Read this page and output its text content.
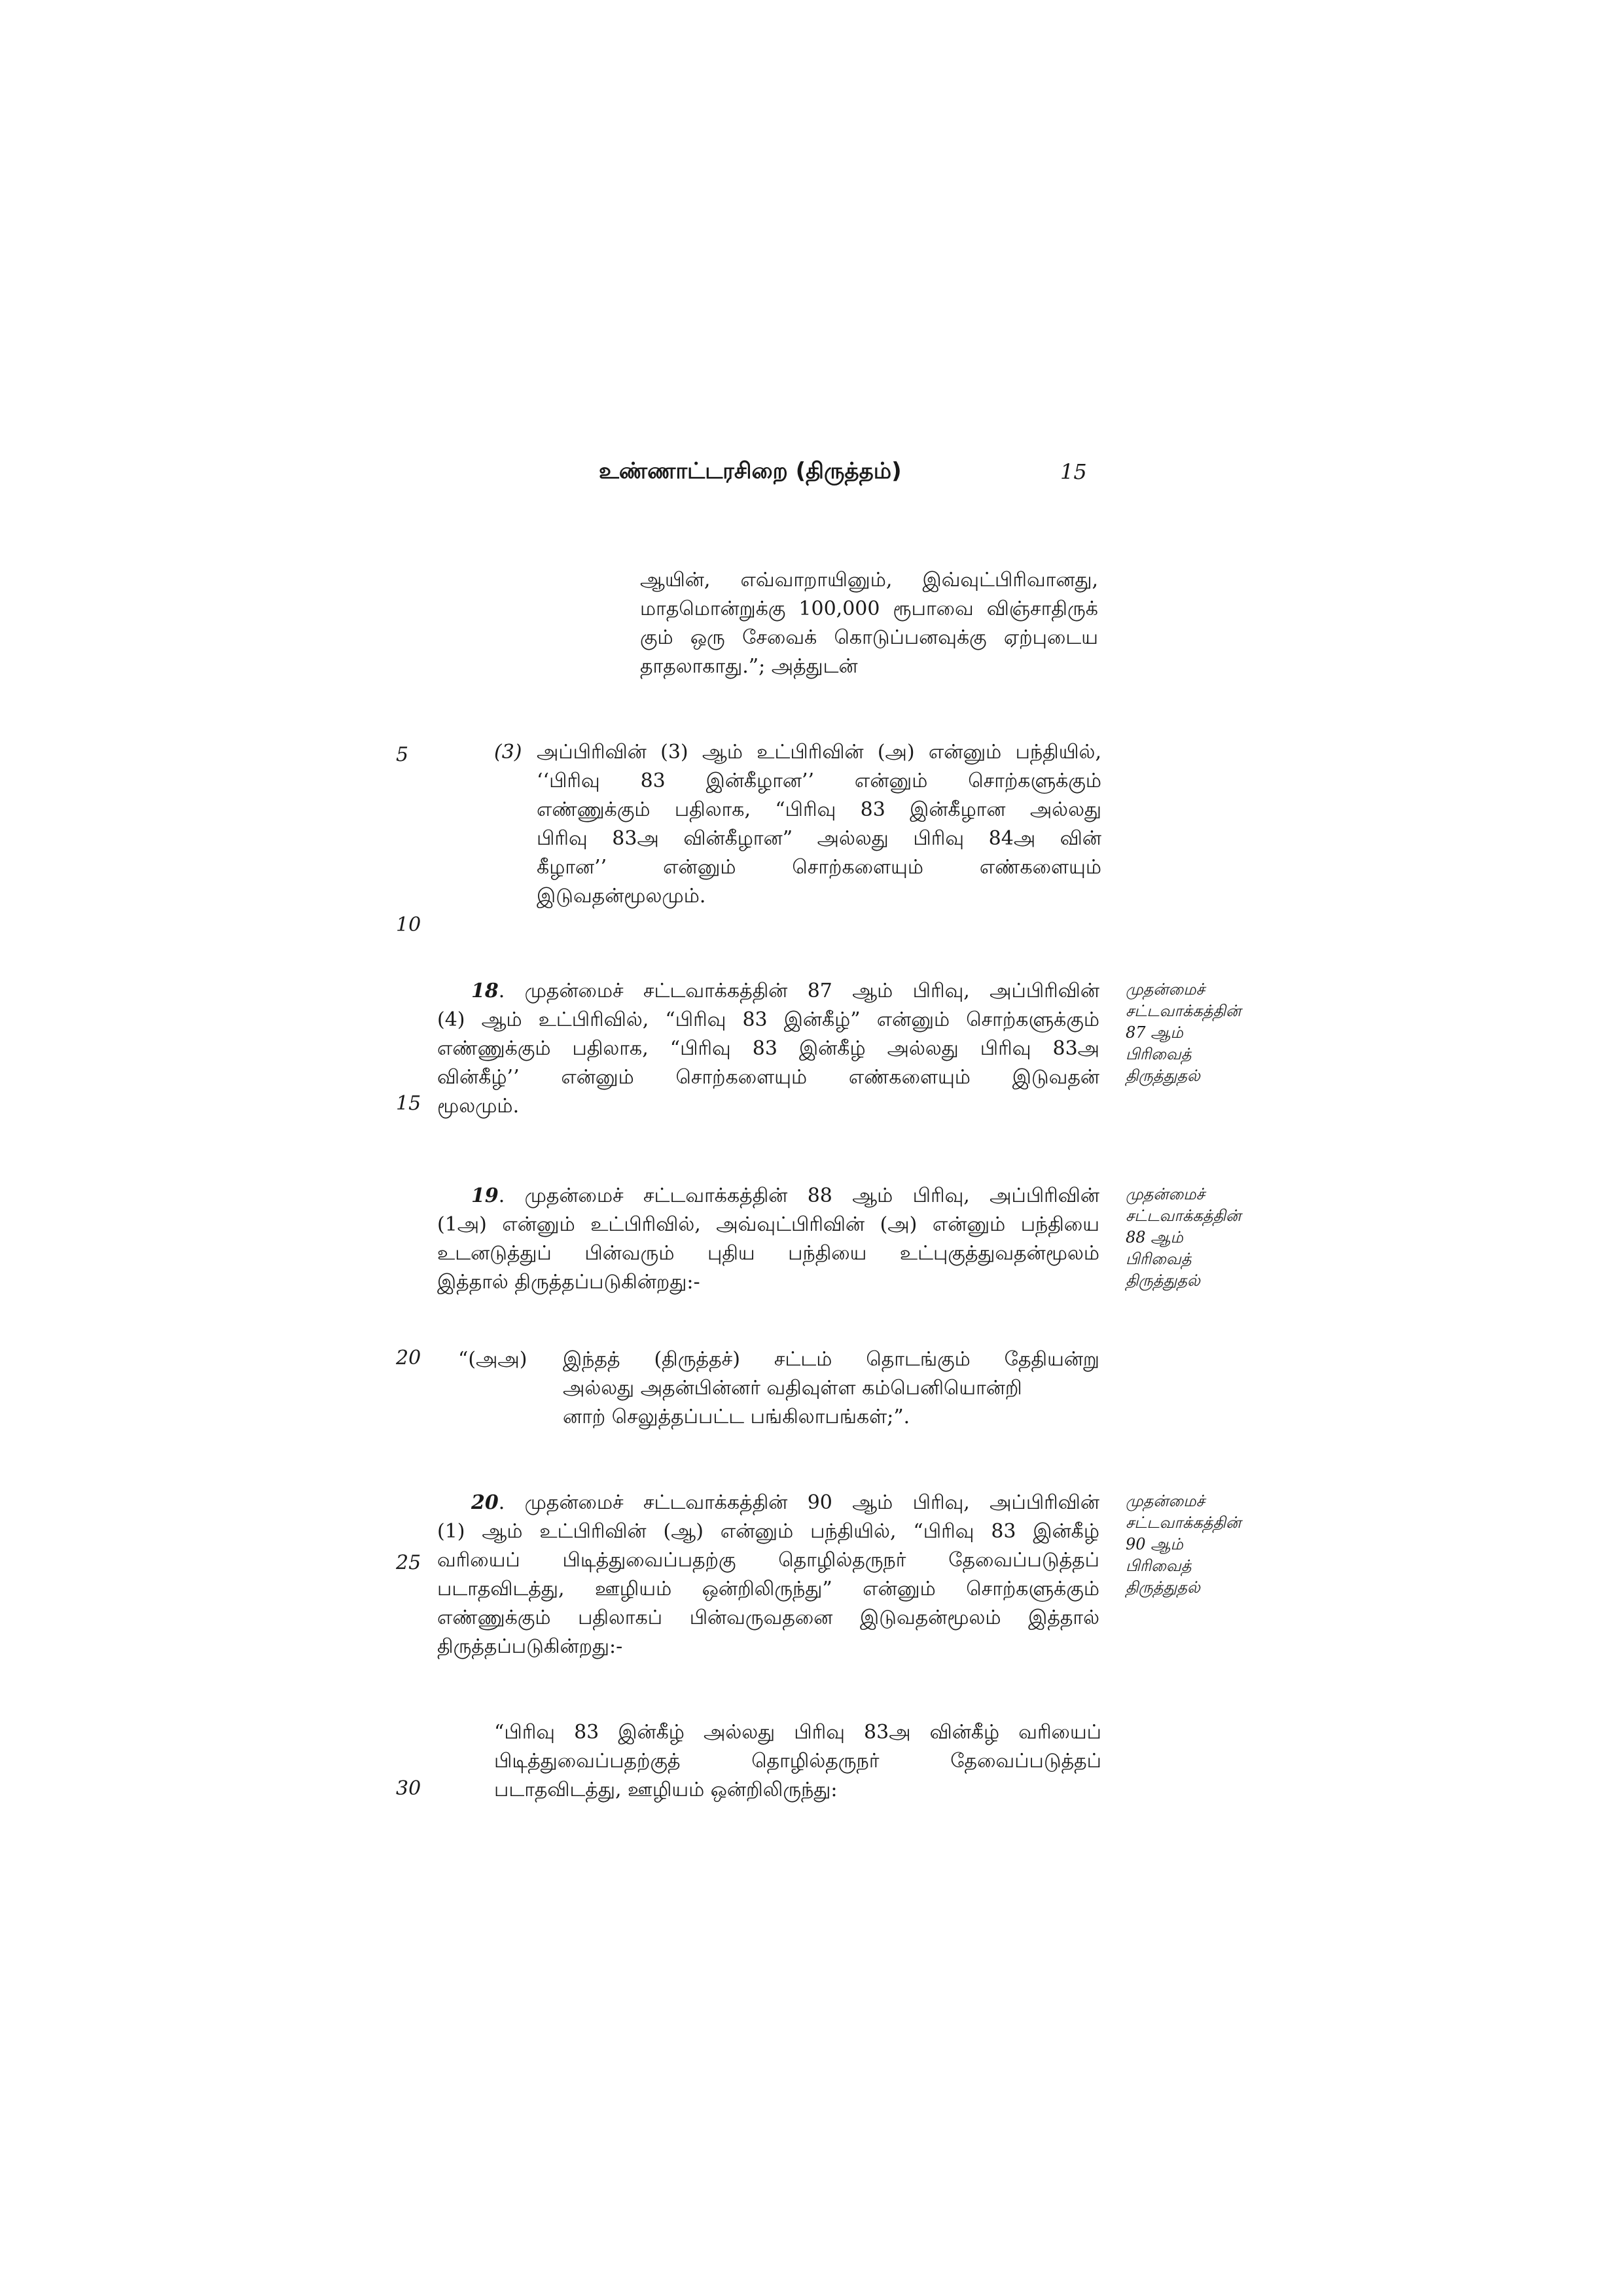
உண்ணாட்டரசிறை (திருத்தம்)	15
5
10
15
20
25
30
ஆயின், எவ்வாறாயினும், இவ்வுட்பிரிவானது,
மாதமொன்றுக்கு 100,000 ரூபாவை விஞ்சாதிருக்
கும் ஒரு சேவைக் கொடுப்பனவுக்கு ஏற்புடைய
தாதலாகாது.”; அத்துடன்
(3) அப்பிரிவின் (3) ஆம் உட்பிரிவின் (அ) என்னும் பந்தியில்,
‘‘பிரிவு 83 இன்கீழான’’ என்னும் சொற்களுக்கும்
எண்ணுக்கும் பதிலாக, “பிரிவு 83 இன்கீழான அல்லது
பிரிவு 83அ வின்கீழான” அல்லது பிரிவு 84அ வின்
கீழான’’ என்னும் சொற்களையும் எண்களையும்
இடுவதன்மூலமும்.
18. முதன்மைச் சட்டவாக்கத்தின் 87 ஆம் பிரிவு, அப்பிரிவின்
(4) ஆம் உட்பிரிவில், “பிரிவு 83 இன்கீழ்” என்னும் சொற்களுக்கும்
எண்ணுக்கும் பதிலாக, “பிரிவு 83 இன்கீழ் அல்லது பிரிவு 83அ
வின்கீழ்’’ என்னும் சொற்களையும் எண்களையும் இடுவதன்
மூலமும்.
முதன்மைச்
சட்டவாக்கத்தின்
87 ஆம்
பிரிவைத்
திருத்துதல்
19. முதன்மைச் சட்டவாக்கத்தின் 88 ஆம் பிரிவு, அப்பிரிவின்
(1அ) என்னும் உட்பிரிவில், அவ்வுட்பிரிவின் (அ) என்னும் பந்தியை
உடனடுத்துப் பின்வரும் புதிய பந்தியை உட்புகுத்துவதன்மூலம்
இத்தால் திருத்தப்படுகின்றது:-
முதன்மைச்
சட்டவாக்கத்தின்
88 ஆம்
பிரிவைத்
திருத்துதல்
“(அஅ) இந்தத் (திருத்தச்) சட்டம் தொடங்கும் தேதியன்று
அல்லது அதன்பின்னர் வதிவுள்ள கம்பெனியொன்றி
னாற் செலுத்தப்பட்ட பங்கிலாபங்கள்;”.
20. முதன்மைச் சட்டவாக்கத்தின் 90 ஆம் பிரிவு, அப்பிரிவின்
(1) ஆம் உட்பிரிவின் (ஆ) என்னும் பந்தியில், “பிரிவு 83 இன்கீழ்
வரியைப் பிடித்துவைப்பதற்கு தொழில்தருநர் தேவைப்படுத்தப்
படாதவிடத்து, ஊழியம் ஒன்றிலிருந்து” என்னும் சொற்களுக்கும்
எண்ணுக்கும் பதிலாகப் பின்வருவதனை இடுவதன்மூலம் இத்தால்
திருத்தப்படுகின்றது:-
முதன்மைச்
சட்டவாக்கத்தின்
90 ஆம்
பிரிவைத்
திருத்துதல்
“பிரிவு 83 இன்கீழ் அல்லது பிரிவு 83அ வின்கீழ் வரியைப்
பிடித்துவைப்பதற்குத் தொழில்தருநர் தேவைப்படுத்தப்
படாதவிடத்து, ஊழியம் ஒன்றிலிருந்து:
